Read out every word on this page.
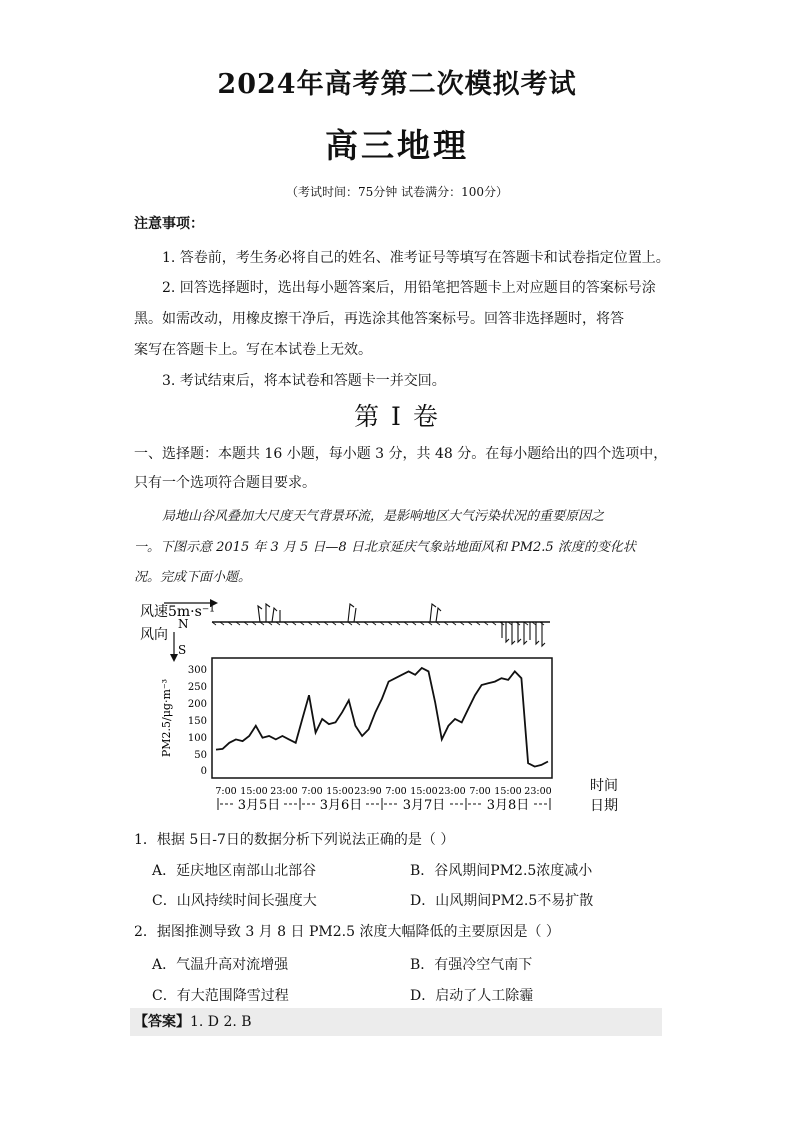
2024年高考第二次模拟考试
高三地理
（考试时间：75分钟 试卷满分：100分）
注意事项：
1. 答卷前，考生务必将自己的姓名、准考证号等填写在答题卡和试卷指定位置上。
2. 回答选择题时，选出每小题答案后，用铅笔把答题卡上对应题目的答案标号涂
黑。如需改动，用橡皮擦干净后，再选涂其他答案标号。回答非选择题时，将答
案写在答题卡上。写在本试卷上无效。
3. 考试结束后，将本试卷和答题卡一并交回。
第 I 卷
一、选择题：本题共 16 小题，每小题 3 分，共 48 分。在每小题给出的四个选项中，
只有一个选项符合题目要求。
局地山谷风叠加大尺度天气背景环流，是影响地区大气污染状况的重要原因之
一。下图示意 2015 年 3 月 5 日—8 日北京延庆气象站地面风和 PM2.5 浓度的变化状
况。完成下面小题。
风速5m·s⁻¹
风向
N
S
PM2.5/μg·m⁻³
300
250
200
150
100
50
0
7:00 15:00 23:00 7:00 15:00 23:90 7:00 15:00 23:00 7:00 15:00 23:00	时间
日期
3月5日	3月6日	3月7日	3月8日
1．根据 5日-7日的数据分析下列说法正确的是（ ）
A．延庆地区南部山北部谷	B．谷风期间PM2.5浓度减小
C．山风持续时间长强度大	D．山风期间PM2.5不易扩散
2．据图推测导致 3 月 8 日 PM2.5 浓度大幅降低的主要原因是（ ）
A．气温升高对流增强	B．有强冷空气南下
C．有大范围降雪过程	D．启动了人工除霾
【答案】1. D 2. B
